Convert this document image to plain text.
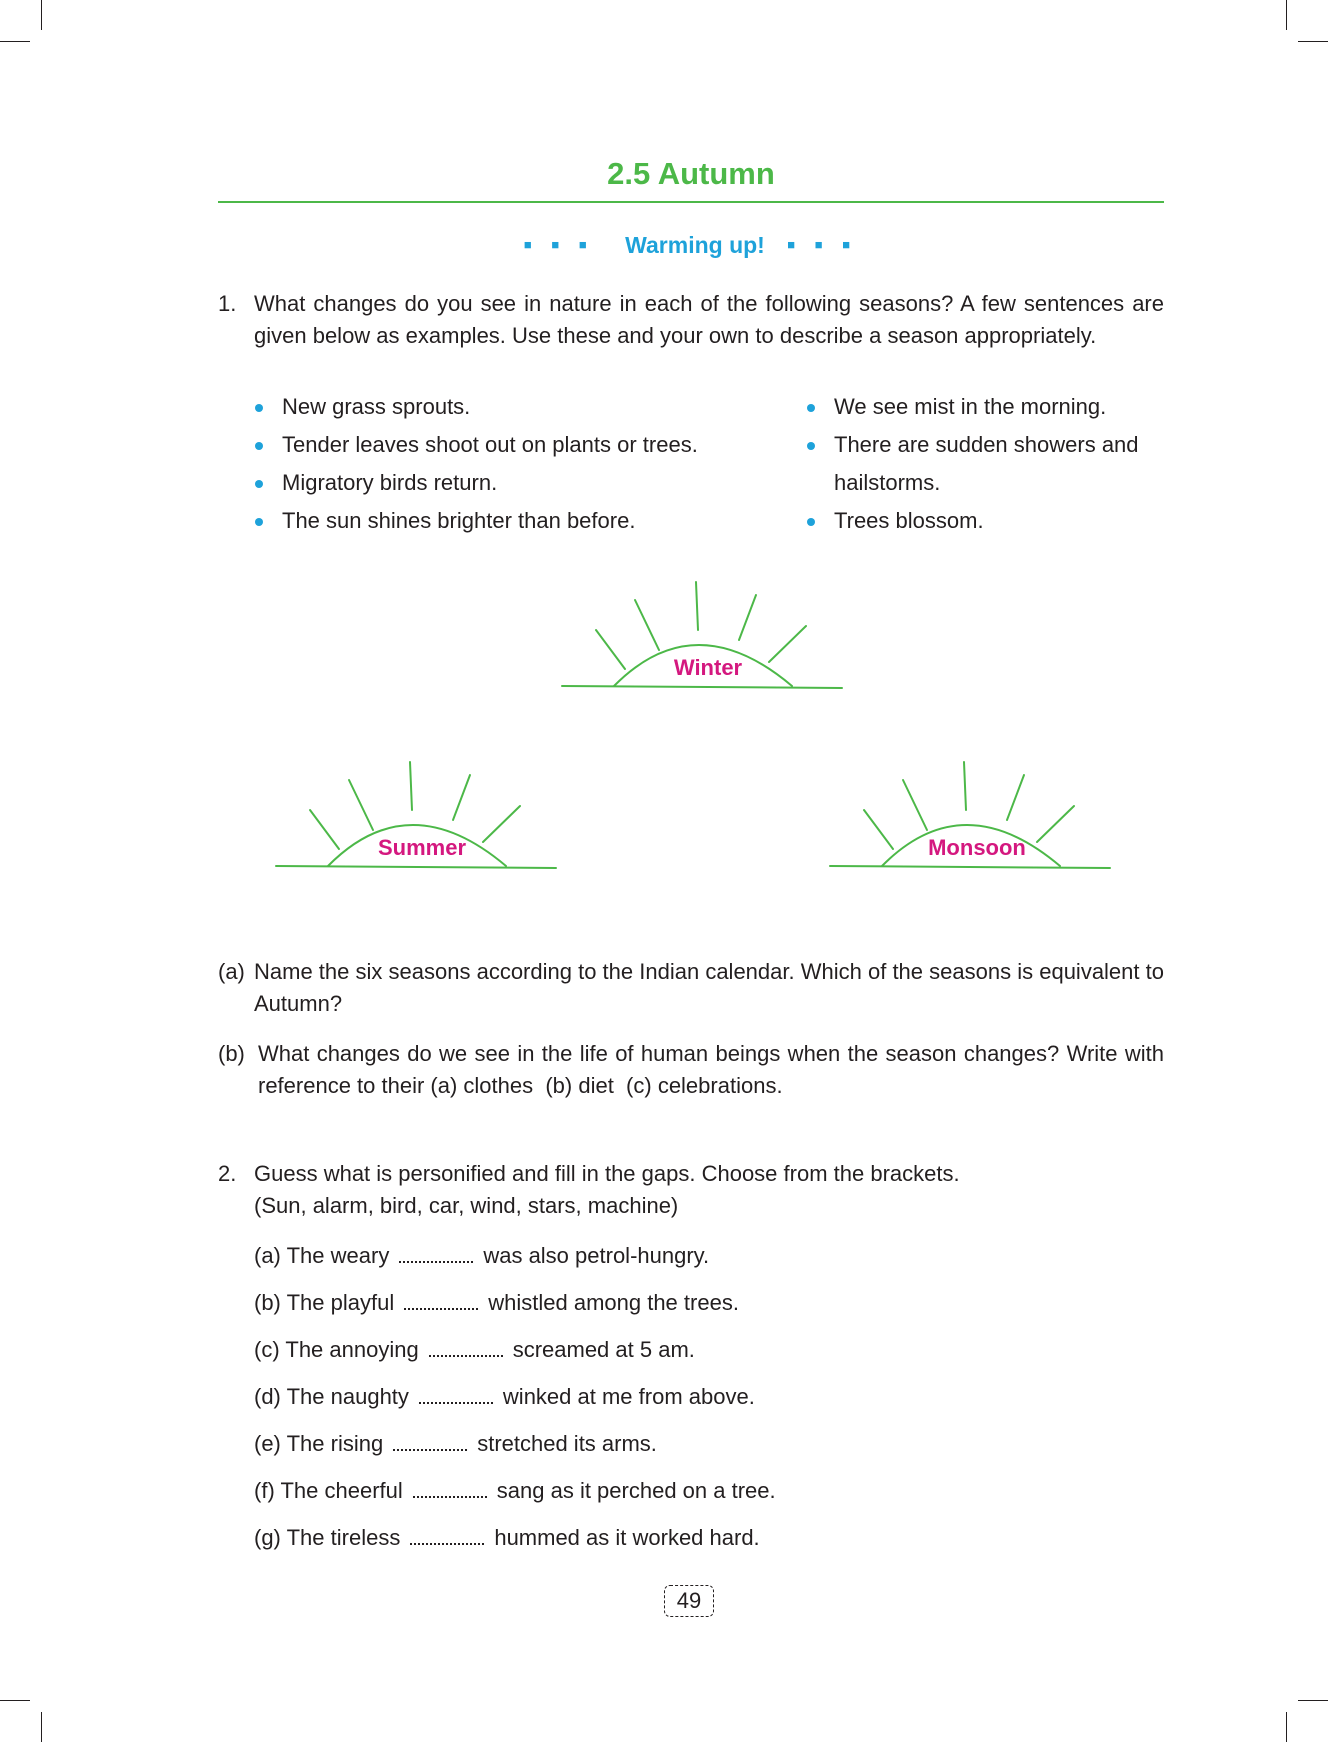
2.5 Autumn
■ ■ ■ Warming up! ■ ■ ■
1. What changes do you see in nature in each of the following seasons? A few sentences are given below as examples. Use these and your own to describe a season appropriately.
New grass sprouts.
Tender leaves shoot out on plants or trees.
Migratory birds return.
The sun shines brighter than before.
We see mist in the morning.
There are sudden showers and hailstorms.
Trees blossom.
Winter
Summer	Monsoon
(a) Name the six seasons according to the Indian calendar. Which of the seasons is equivalent to Autumn?
(b) What changes do we see in the life of human beings when the season changes? Write with reference to their (a) clothes  (b) diet  (c) celebrations.
2. Guess what is personified and fill in the gaps. Choose from the brackets.
(Sun, alarm, bird, car, wind, stars, machine)
(a) The weary	was also petrol-hungry.
(b) The playful	whistled among the trees.
(c) The annoying	screamed at 5 am.
(d) The naughty	winked at me from above.
(e) The rising	stretched its arms.
(f) The cheerful	sang as it perched on a tree.
(g) The tireless	hummed as it worked hard.
49
